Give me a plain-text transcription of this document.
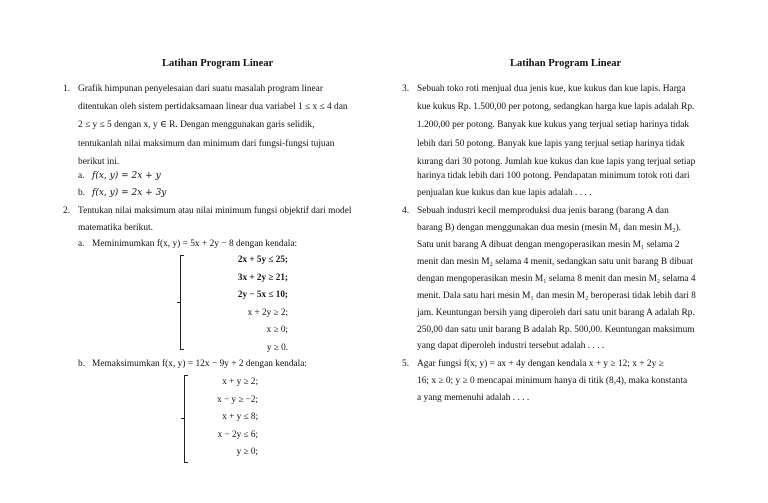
Latihan Program Linear
1. Grafik himpunan penyelesaian dari suatu masalah program linear
ditentukan oleh sistem pertidaksamaan linear dua variabel 1 ≤ x ≤ 4 dan
2 ≤ y ≤ 5 dengan x, y ∈ R. Dengan menggunakan garis selidik,
tentukanlah nilai maksimum dan minimum dari fungsi-fungsi tujuan
berikut ini.
a. f(x, y) = 2x + y
b. f(x, y) = 2x + 3y
2. Tentukan nilai maksimum atau nilai minimum fungsi objektif dari model
matematika berikut.
a. Meminimumkan f(x, y) = 5x + 2y − 8 dengan kendala:
2x + 5y ≤ 25;
3x + 2y ≥ 21;
2y − 5x ≤ 10;
x + 2y ≥ 2;
x ≥ 0;
y ≥ 0.
b. Memaksimumkan f(x, y) = 12x − 9y + 2 dengan kendala:
x + y ≥ 2;
x − y ≥ −2;
x + y ≤ 8;
x − 2y ≤ 6;
y ≥ 0;
Latihan Program Linear
3. Sebuah toko roti menjual dua jenis kue, kue kukus dan kue lapis. Harga
kue kukus Rp. 1.500,00 per potong, sedangkan harga kue lapis adalah Rp.
1.200,00 per potong. Banyak kue kukus yang terjual setiap harinya tidak
lebih dari 50 potong. Banyak kue lapis yang terjual setiap harinya tidak
kurang dari 30 potong. Jumlah kue kukus dan kue lapis yang terjual setiap
harinya tidak lebih dari 100 potong. Pendapatan minimum totok roti dari
penjualan kue kukus dan kue lapis adalah . . . .
4. Sebuah industri kecil memproduksi dua jenis barang (barang A dan
barang B) dengan menggunakan dua mesin (mesin M₁ dan mesin M₂).
Satu unit barang A dibuat dengan mengoperasikan mesin M₁ selama 2
menit dan mesin M₂ selama 4 menit, sedangkan satu unit barang B dibuat
dengan mengoperasikan mesin M₁ selama 8 menit dan mesin M₂ selama 4
menit. Dala satu hari mesin M₁ dan mesin M₂ beroperasi tidak lebih dari 8
jam. Keuntungan bersih yang diperoleh dari satu unit barang A adalah Rp.
250,00 dan satu unit barang B adalah Rp. 500,00. Keuntungan maksimum
yang dapat diperoleh industri tersebut adalah . . . .
5. Agar fungsi f(x, y) = ax + 4y dengan kendala x + y ≥ 12; x + 2y ≥
16; x ≥ 0; y ≥ 0 mencapai minimum hanya di titik (8,4), maka konstanta
a yang memenuhi adalah . . . .
